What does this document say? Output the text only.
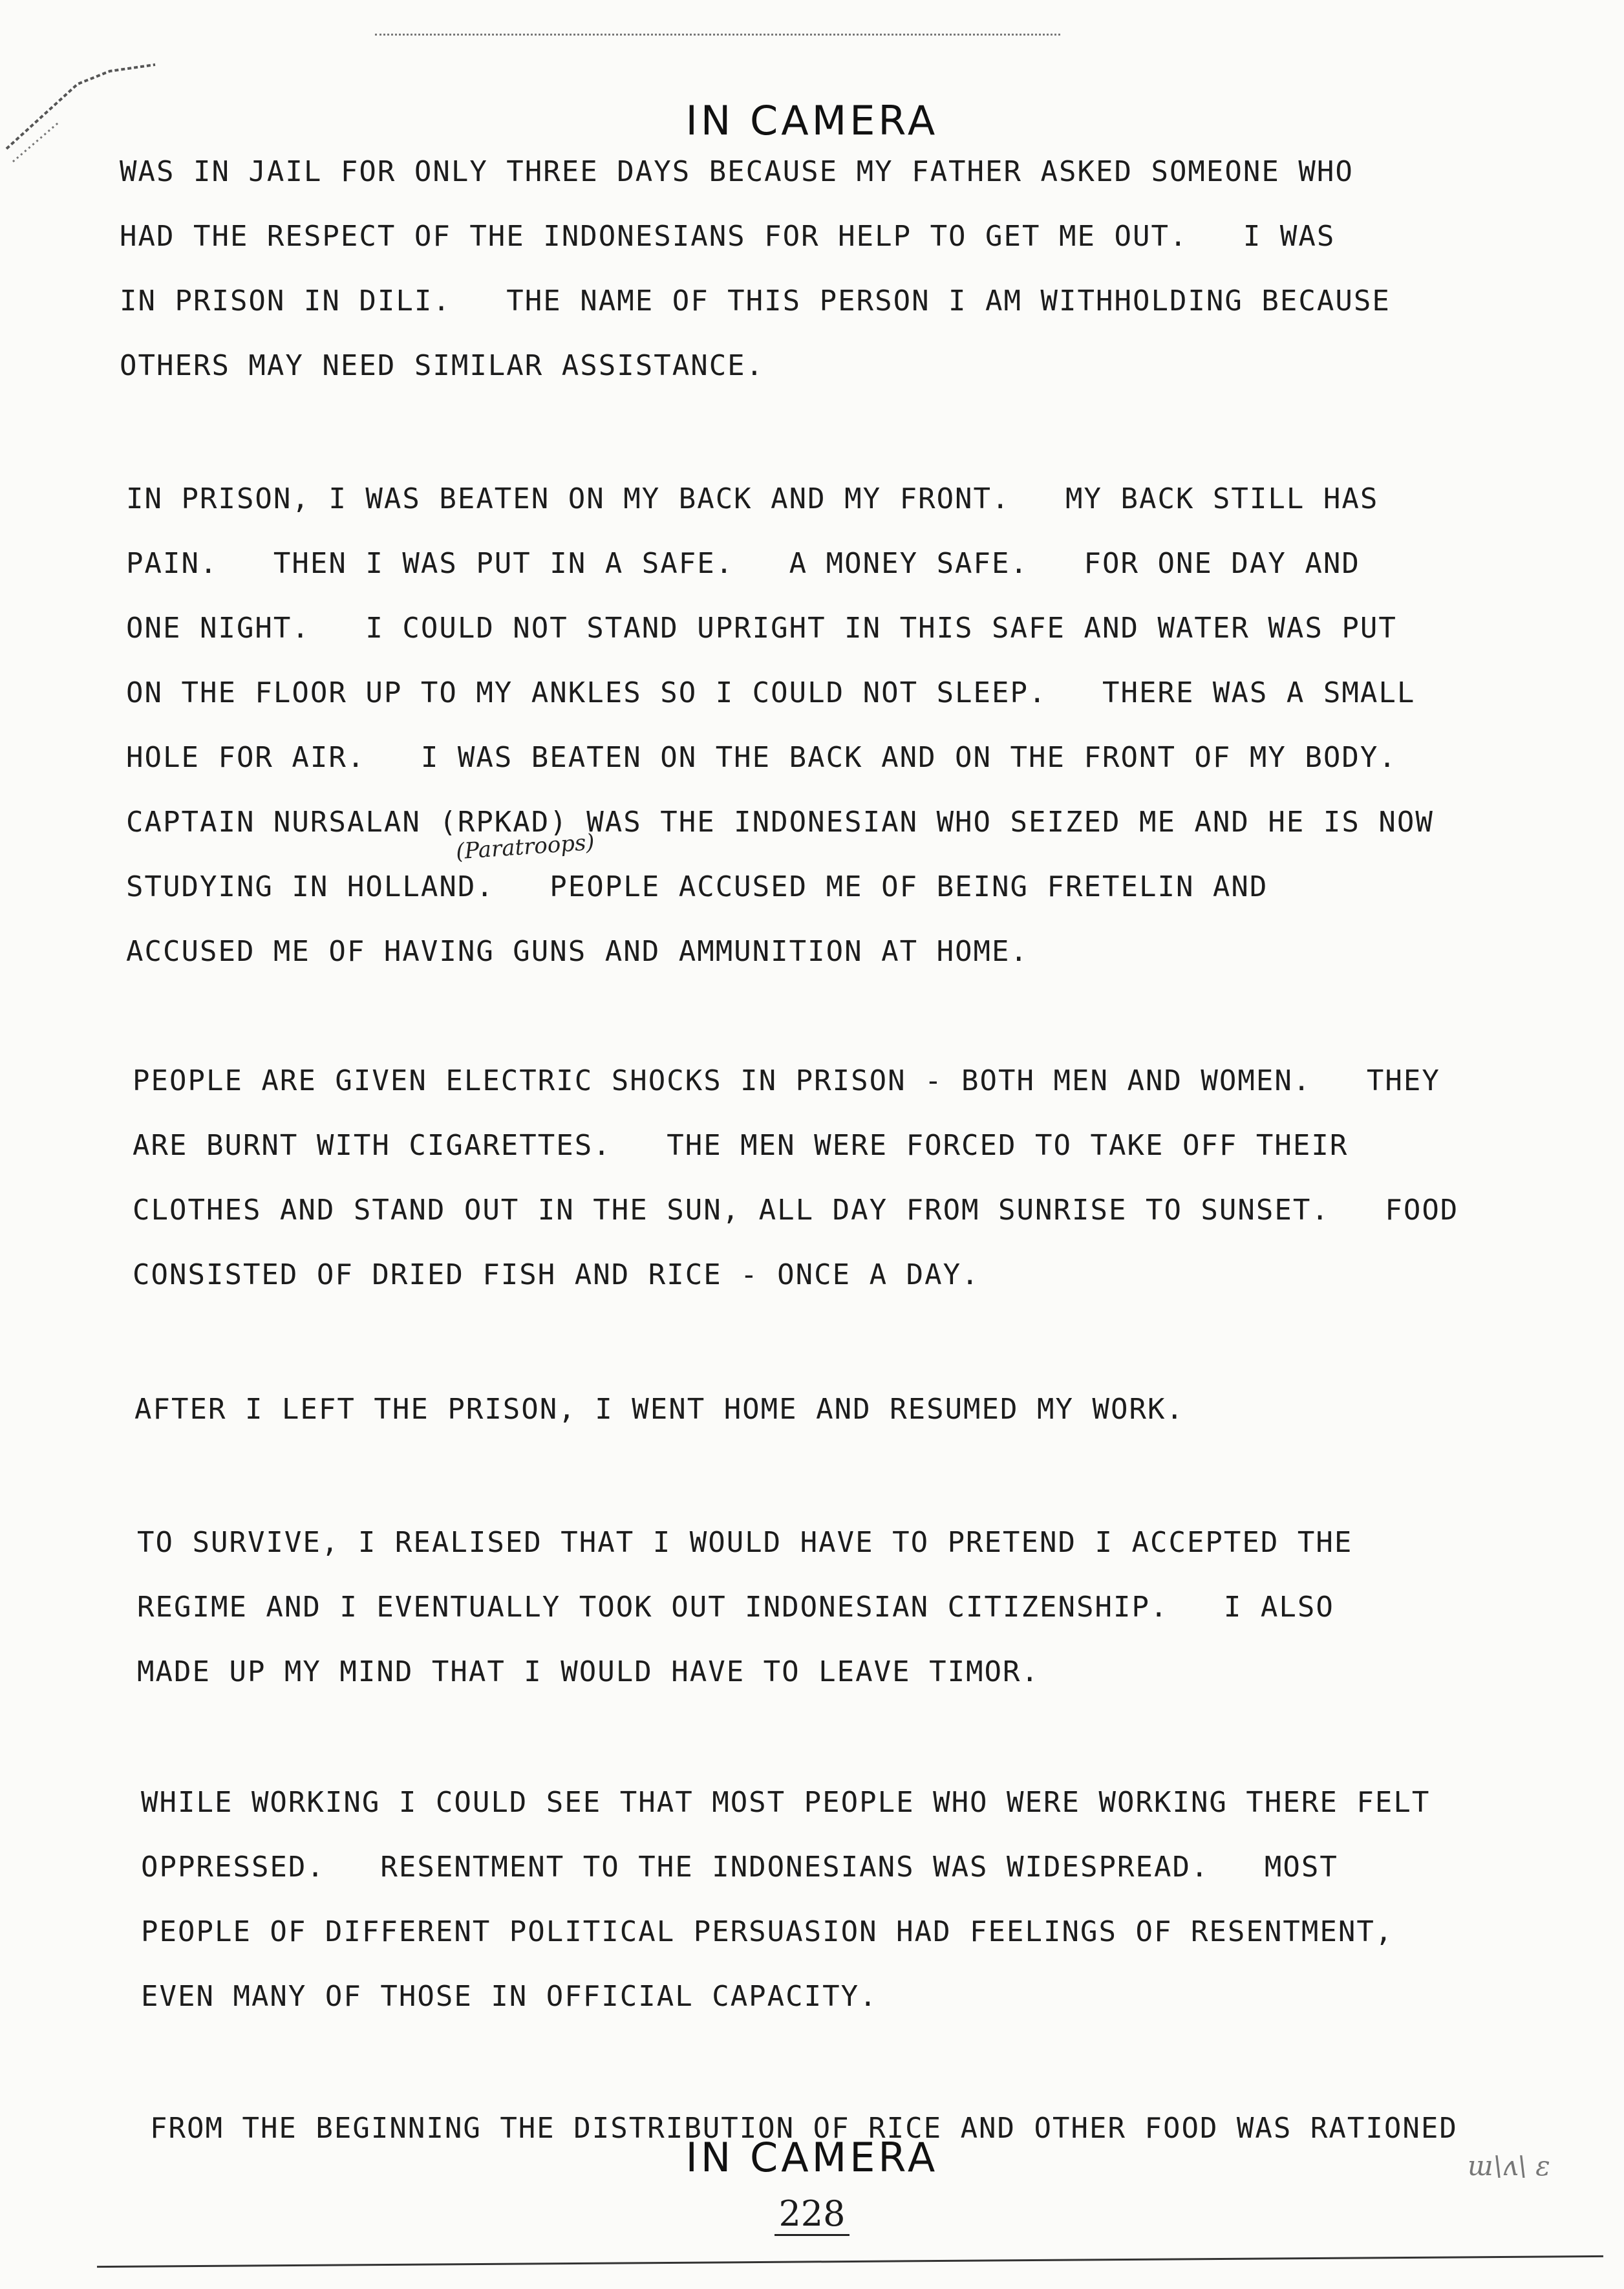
IN CAMERA
WAS IN JAIL FOR ONLY THREE DAYS BECAUSE MY FATHER ASKED SOMEONE WHO
HAD THE RESPECT OF THE INDONESIANS FOR HELP TO GET ME OUT.   I WAS
IN PRISON IN DILI.   THE NAME OF THIS PERSON I AM WITHHOLDING BECAUSE
OTHERS MAY NEED SIMILAR ASSISTANCE.
IN PRISON, I WAS BEATEN ON MY BACK AND MY FRONT.   MY BACK STILL HAS
PAIN.   THEN I WAS PUT IN A SAFE.   A MONEY SAFE.   FOR ONE DAY AND
ONE NIGHT.   I COULD NOT STAND UPRIGHT IN THIS SAFE AND WATER WAS PUT
ON THE FLOOR UP TO MY ANKLES SO I COULD NOT SLEEP.   THERE WAS A SMALL
HOLE FOR AIR.   I WAS BEATEN ON THE BACK AND ON THE FRONT OF MY BODY.
CAPTAIN NURSALAN (RPKAD) WAS THE INDONESIAN WHO SEIZED ME AND HE IS NOW
STUDYING IN HOLLAND.   PEOPLE ACCUSED ME OF BEING FRETELIN AND
ACCUSED ME OF HAVING GUNS AND AMMUNITION AT HOME.
(Paratroops)
PEOPLE ARE GIVEN ELECTRIC SHOCKS IN PRISON - BOTH MEN AND WOMEN.   THEY
ARE BURNT WITH CIGARETTES.   THE MEN WERE FORCED TO TAKE OFF THEIR
CLOTHES AND STAND OUT IN THE SUN, ALL DAY FROM SUNRISE TO SUNSET.   FOOD
CONSISTED OF DRIED FISH AND RICE - ONCE A DAY.
AFTER I LEFT THE PRISON, I WENT HOME AND RESUMED MY WORK.
TO SURVIVE, I REALISED THAT I WOULD HAVE TO PRETEND I ACCEPTED THE
REGIME AND I EVENTUALLY TOOK OUT INDONESIAN CITIZENSHIP.   I ALSO
MADE UP MY MIND THAT I WOULD HAVE TO LEAVE TIMOR.
WHILE WORKING I COULD SEE THAT MOST PEOPLE WHO WERE WORKING THERE FELT
OPPRESSED.   RESENTMENT TO THE INDONESIANS WAS WIDESPREAD.   MOST
PEOPLE OF DIFFERENT POLITICAL PERSUASION HAD FEELINGS OF RESENTMENT,
EVEN MANY OF THOSE IN OFFICIAL CAPACITY.
FROM THE BEGINNING THE DISTRIBUTION OF RICE AND OTHER FOOD WAS RATIONED
IN CAMERA
228
ɯ\ʌ\ ɛ
